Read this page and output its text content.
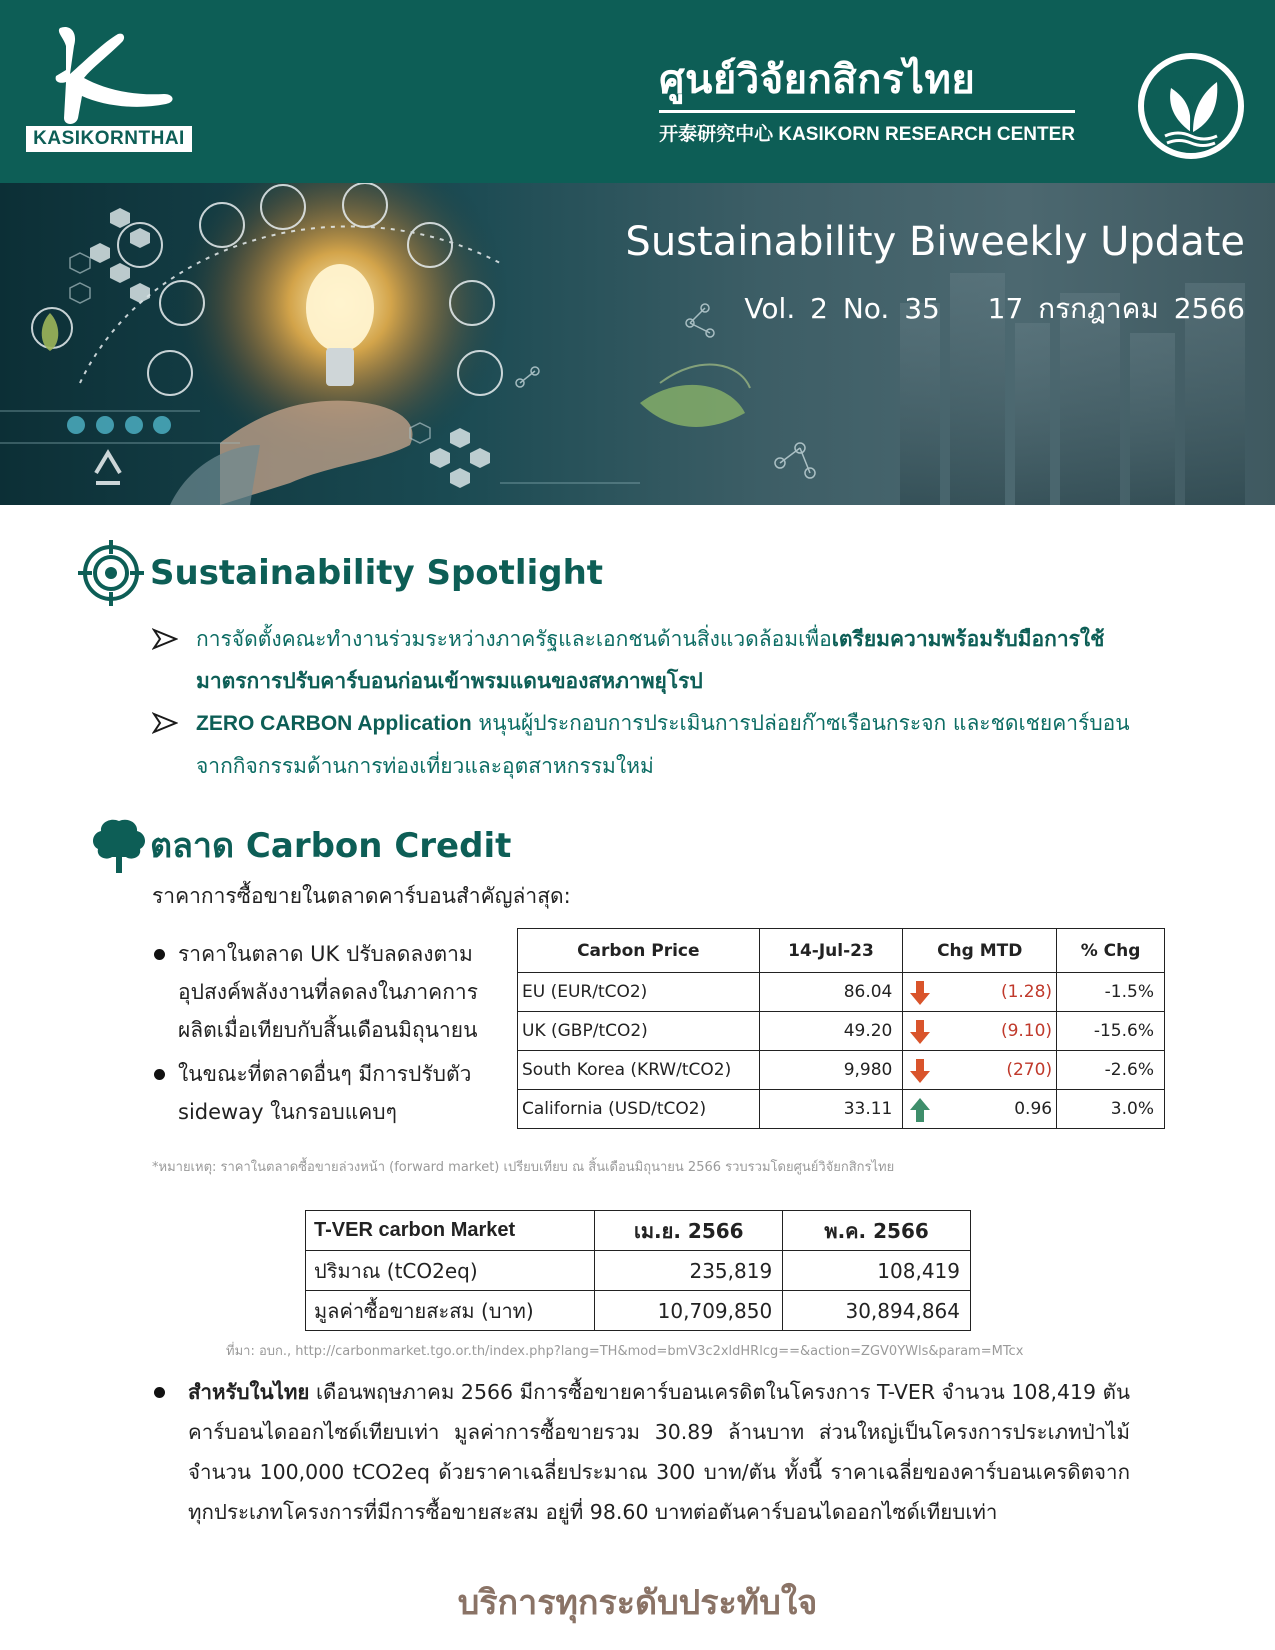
KASIKORNTHAI
ศูนย์วิจัยกสิกรไทย
开泰研究中心 KASIKORN RESEARCH CENTER
Sustainability Biweekly Update
Vol. 2 No. 35 17 กรกฎาคม 2566
Sustainability Spotlight
การจัดตั้งคณะทำงานร่วมระหว่างภาครัฐและเอกชนด้านสิ่งแวดล้อมเพื่อเตรียมความพร้อมรับมือการใช้มาตรการปรับคาร์บอนก่อนเข้าพรมแดนของสหภาพยุโรป
ZERO CARBON Application หนุนผู้ประกอบการประเมินการปล่อยก๊าซเรือนกระจก และชดเชยคาร์บอนจากกิจกรรมด้านการท่องเที่ยวและอุตสาหกรรมใหม่
ตลาด Carbon Credit
ราคาการซื้อขายในตลาดคาร์บอนสำคัญล่าสุด:
ราคาในตลาด UK ปรับลดลงตามอุปสงค์พลังงานที่ลดลงในภาคการผลิตเมื่อเทียบกับสิ้นเดือนมิถุนายน
ในขณะที่ตลาดอื่นๆ มีการปรับตัว sideway ในกรอบแคบๆ
Carbon Price	14-Jul-23	Chg MTD	% Chg
EU (EUR/tCO2)	86.04	(1.28)	-1.5%
UK (GBP/tCO2)	49.20	(9.10)	-15.6%
South Korea (KRW/tCO2)	9,980	(270)	-2.6%
California (USD/tCO2)	33.11	0.96	3.0%
*หมายเหตุ: ราคาในตลาดซื้อขายล่วงหน้า (forward market) เปรียบเทียบ ณ สิ้นเดือนมิถุนายน 2566 รวบรวมโดยศูนย์วิจัยกสิกรไทย
T-VER carbon Market	เม.ย. 2566	พ.ค. 2566
ปริมาณ (tCO2eq)	235,819	108,419
มูลค่าซื้อขายสะสม (บาท)	10,709,850	30,894,864
ที่มา: อบก., http://carbonmarket.tgo.or.th/index.php?lang=TH&mod=bmV3c2xldHRlcg==&action=ZGV0YWls&param=MTcx
สำหรับในไทย เดือนพฤษภาคม 2566 มีการซื้อขายคาร์บอนเครดิตในโครงการ T-VER จำนวน 108,419 ตันคาร์บอนไดออกไซด์เทียบเท่า มูลค่าการซื้อขายรวม 30.89 ล้านบาท ส่วนใหญ่เป็นโครงการประเภทป่าไม้จำนวน 100,000 tCO2eq ด้วยราคาเฉลี่ยประมาณ 300 บาท/ตัน ทั้งนี้ ราคาเฉลี่ยของคาร์บอนเครดิตจากทุกประเภทโครงการที่มีการซื้อขายสะสม อยู่ที่ 98.60 บาทต่อตันคาร์บอนไดออกไซด์เทียบเท่า
บริการทุกระดับประทับใจ
